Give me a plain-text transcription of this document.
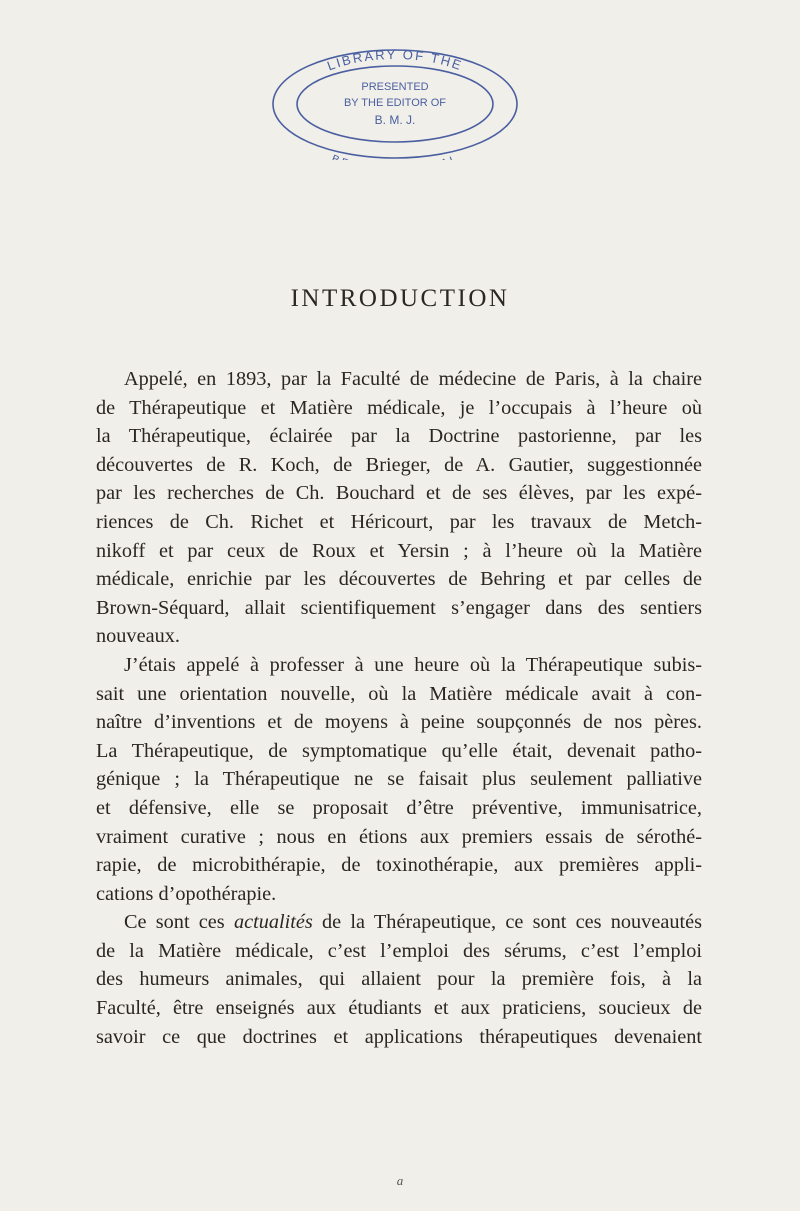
LIBRARY OF THE
PRESENTED
BY THE EDITOR OF
B. M. J.
INTRODUCTION
Appelé, en 1893, par la Faculté de médecine de Paris, à la chaire
de Thérapeutique et Matière médicale, je l’occupais à l’heure où
la Thérapeutique, éclairée par la Doctrine pastorienne, par les
découvertes de R. Koch, de Brieger, de A. Gautier, suggestionnée
par les recherches de Ch. Bouchard et de ses élèves, par les expé-
riences de Ch. Richet et Héricourt, par les travaux de Metch-
nikoff et par ceux de Roux et Yersin ; à l’heure où la Matière
médicale, enrichie par les découvertes de Behring et par celles de
Brown-Séquard, allait scientifiquement s’engager dans des sentiers
nouveaux.
J’étais appelé à professer à une heure où la Thérapeutique subis-
sait une orientation nouvelle, où la Matière médicale avait à con-
naître d’inventions et de moyens à peine soupçonnés de nos pères.
La Thérapeutique, de symptomatique qu’elle était, devenait patho-
génique ; la Thérapeutique ne se faisait plus seulement palliative
et défensive, elle se proposait d’être préventive, immunisatrice,
vraiment curative ; nous en étions aux premiers essais de sérothé-
rapie, de microbithérapie, de toxinothérapie, aux premières appli-
cations d’opothérapie.
Ce sont ces actualités de la Thérapeutique, ce sont ces nouveautés
de la Matière médicale, c’est l’emploi des sérums, c’est l’emploi
des humeurs animales, qui allaient pour la première fois, à la
Faculté, être enseignés aux étudiants et aux praticiens, soucieux de
savoir ce que doctrines et applications thérapeutiques devenaient
a
